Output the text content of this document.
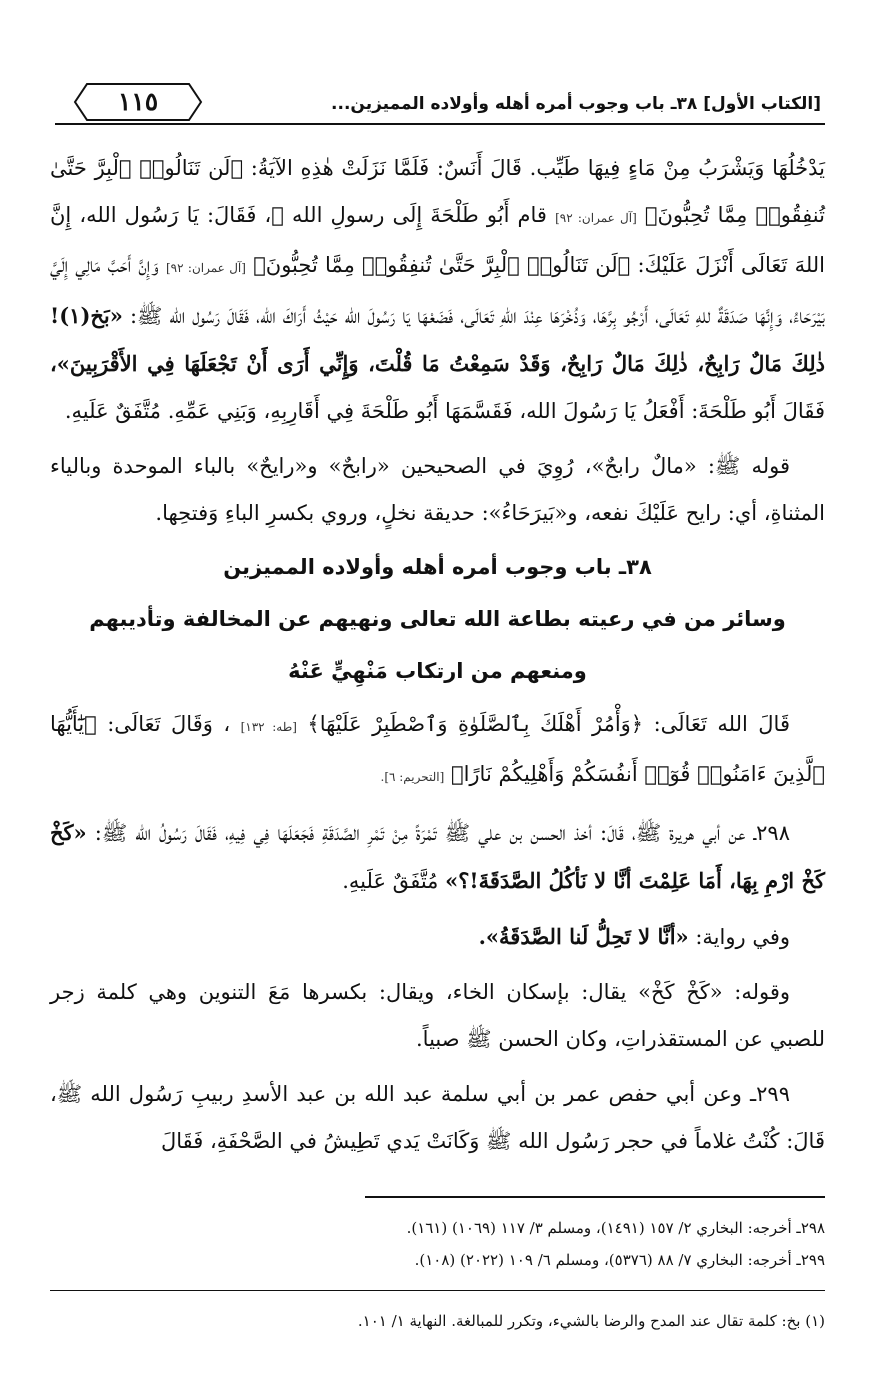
١١٥	[الكتاب الأول] ٣٨ـ باب وجوب أمره أهله وأولاده المميزين...

يَدْخُلُهَا وَيَشْرَبُ مِنْ مَاءٍ فِيهَا طَيِّب. قَالَ أَنَسٌ: فَلَمَّا نَزَلَتْ هٰذِهِ الآيَةُ: ﴿لَن تَنَالُوا۟ ٱلْبِرَّ حَتَّىٰ تُنفِقُوا۟ مِمَّا تُحِبُّونَ﴾ [آل عمران: ٩٢] قام أَبُو طَلْحَةَ إِلَى رسولِ الله ﷺ، فَقَالَ: يَا رَسُول الله، إِنَّ اللهَ تَعَالَى أَنْزَلَ عَلَيْكَ: ﴿لَن تَنَالُوا۟ ٱلْبِرَّ حَتَّىٰ تُنفِقُوا۟ مِمَّا تُحِبُّونَ﴾ [آل عمران: ٩٢] وَإِنَّ أَحَبَّ مَالِي إِلَيَّ بَيْرَحَاءُ، وَإِنَّهَا صَدَقَةٌ للهِ تَعَالَى، أَرْجُو بِرَّهَا، وَذُخْرَهَا عِنْدَ اللهِ تَعَالَى، فَضَعْهَا يَا رَسُولَ الله حَيْثُ أَرَاكَ الله، فَقَالَ رَسُول الله ﷺ: «بَخ(١)! ذٰلِكَ مَالٌ رَابِحٌ، ذٰلِكَ مَالٌ رَابِحٌ، وَقَدْ سَمِعْتُ مَا قُلْتَ، وَإِنِّي أَرَى أَنْ تَجْعَلَهَا فِي الأَقْرَبِينَ»، فَقَالَ أَبُو طَلْحَةَ: أَفْعَلُ يَا رَسُولَ الله، فَقَسَّمَهَا أَبُو طَلْحَةَ فِي أَقَارِبِهِ، وَبَنِي عَمِّهِ. مُتَّفَقٌ عَلَيهِ.

قوله ﷺ: «مالٌ رابحٌ»، رُوِيَ في الصحيحين «رابحٌ» و«رايحٌ» بالباء الموحدة وبالياء المثناةِ، أي: رايح عَلَيْكَ نفعه، و«بَيرَحَاءُ»: حديقة نخلٍ، وروي بكسرِ الباءِ وَفتحِها.

٣٨ـ باب وجوب أمره أهله وأولاده المميزين

وسائر من في رعيته بطاعة الله تعالى ونهيهم عن المخالفة وتأديبهم

ومنعهم من ارتكاب مَنْهِيٍّ عَنْهُ

قَالَ الله تَعَالَى: ﴿وَأْمُرْ أَهْلَكَ بِٱلصَّلَوٰةِ وَٱصْطَبِرْ عَلَيْهَا﴾ [طه: ١٣٢] ، وَقَالَ تَعَالَى: ﴿يَٰٓأَيُّهَا ٱلَّذِينَ ءَامَنُوا۟ قُوٓا۟ أَنفُسَكُمْ وَأَهْلِيكُمْ نَارًا﴾ [التحريم: ٦].

٢٩٨ـ عن أبي هريرة ﷺ، قَالَ: أخذ الحسن بن علي ﷺ تَمْرَةً مِنْ تَمْرِ الصَّدَقَةِ فَجَعَلَهَا فِي فِيهِ، فَقَالَ رَسُولُ الله ﷺ: «كَخْ كَخْ ارْمِ بِهَا، أَمَا عَلِمْتَ أنَّا لا نَأكُلُ الصَّدَقَةَ!؟» مُتَّفَقٌ عَلَيهِ.

وفي رواية: «أنَّا لا تَحِلُّ لَنا الصَّدَقَةُ».

وقوله: «كَخْ كَخْ» يقال: بإسكان الخاء، ويقال: بكسرها مَعَ التنوين وهي كلمة زجر للصبي عن المستقذراتِ، وكان الحسن ﷺ صبياً.

٢٩٩ـ وعن أبي حفص عمر بن أبي سلمة عبد الله بن عبد الأسدِ ربيبِ رَسُول الله ﷺ، قَالَ: كُنْتُ غلاماً في حجر رَسُول الله ﷺ وَكَانَتْ يَدي تَطِيشُ في الصَّحْفَةِ، فَقَالَ

٢٩٨ـ أخرجه: البخاري ٢/ ١٥٧ (١٤٩١)، ومسلم ٣/ ١١٧ (١٠٦٩) (١٦١).

٢٩٩ـ أخرجه: البخاري ٧/ ٨٨ (٥٣٧٦)، ومسلم ٦/ ١٠٩ (٢٠٢٢) (١٠٨).

(١) بخ: كلمة تقال عند المدح والرضا بالشيء، وتكرر للمبالغة. النهاية ١/ ١٠١.
